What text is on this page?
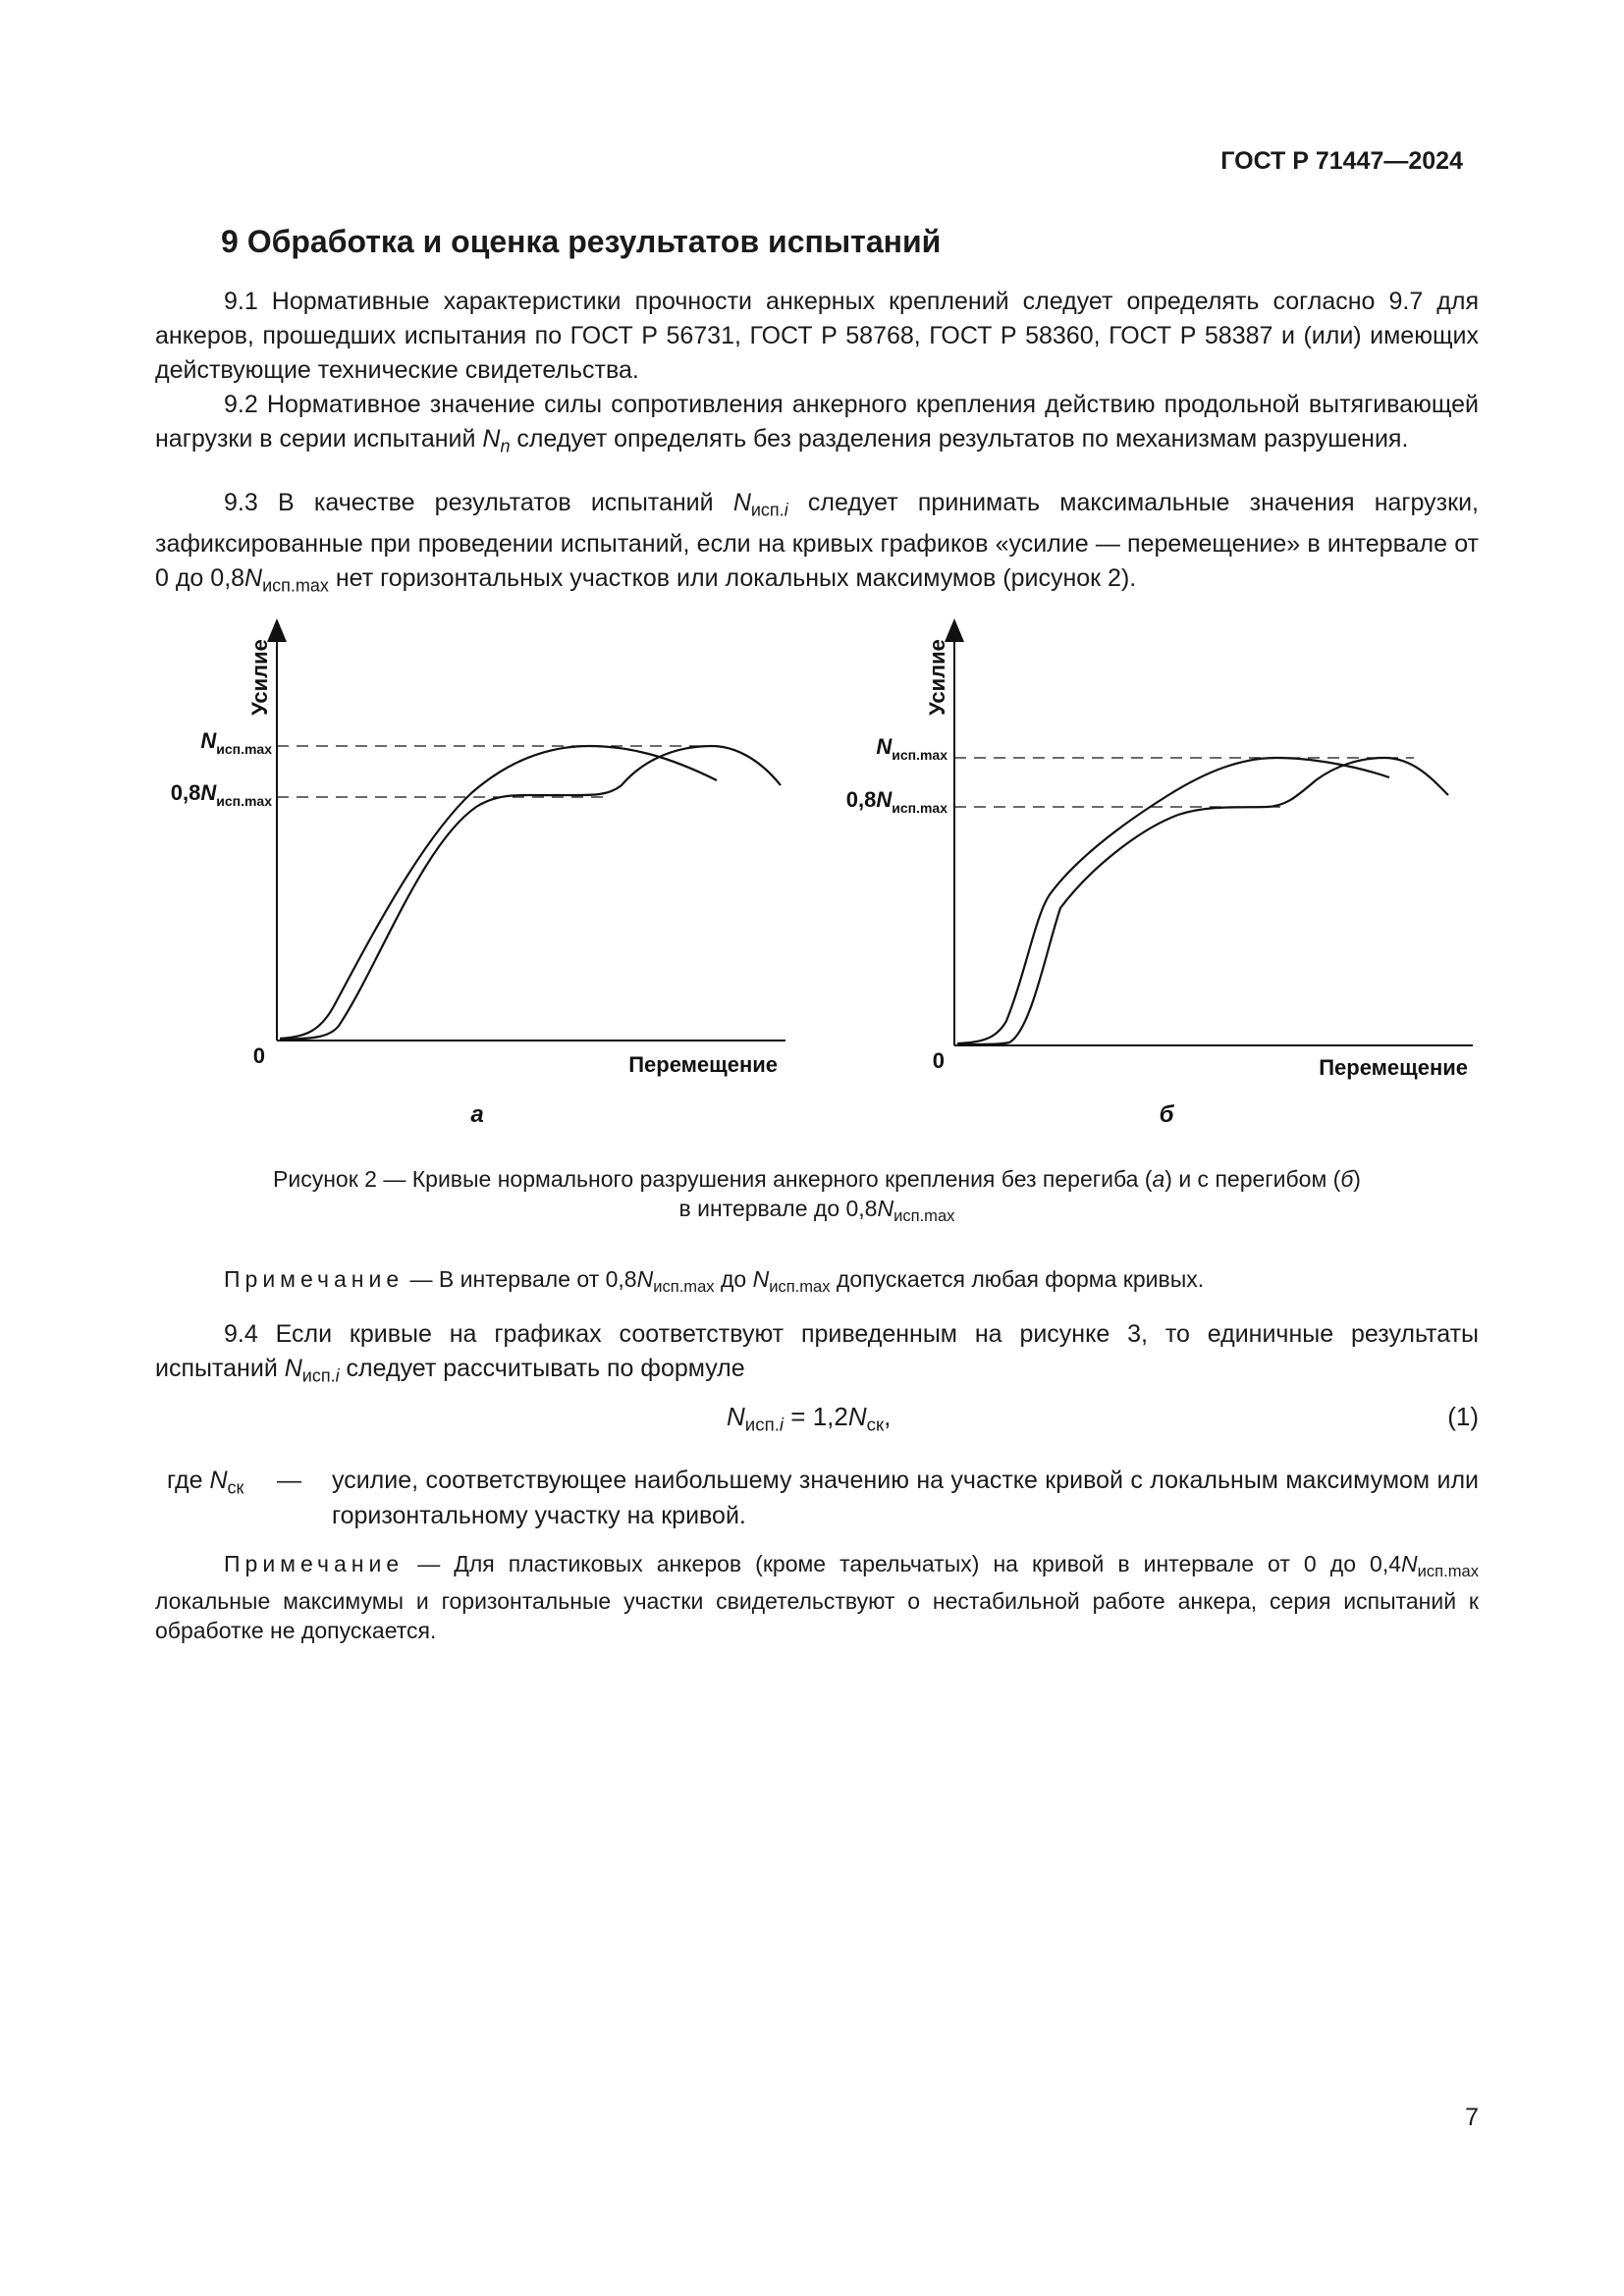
ГОСТ Р 71447—2024
9 Обработка и оценка результатов испытаний
9.1 Нормативные характеристики прочности анкерных креплений следует определять согласно 9.7 для анкеров, прошедших испытания по ГОСТ Р 56731, ГОСТ Р 58768, ГОСТ Р 58360, ГОСТ Р 58387 и (или) имеющих действующие технические свидетельства.
9.2 Нормативное значение силы сопротивления анкерного крепления действию продольной вытягивающей нагрузки в серии испытаний $N_n$ следует определять без разделения результатов по механизмам разрушения.
9.3 В качестве результатов испытаний $N_{исп.i}$ следует принимать максимальные значения нагрузки, зафиксированные при проведении испытаний, если на кривых графиков «усилие — перемещение» в интервале от 0 до $0,8N_{исп.max}$ нет горизонтальных участков или локальных максимумов (рисунок 2).
Усилие
0	Перемещение
Nисп.max
0,8Nисп.max
а
Усилие
0	Перемещение
Nисп.max
0,8Nисп.max
б
Рисунок 2 — Кривые нормального разрушения анкерного крепления без перегиба (а) и с перегибом (б)
в интервале до $0,8N_{исп.max}$
Примечание — В интервале от $0,8N_{исп.max}$ до $N_{исп.max}$ допускается любая форма кривых.
9.4 Если кривые на графиках соответствуют приведенным на рисунке 3, то единичные результаты испытаний $N_{исп.i}$ следует рассчитывать по формуле
$N_{исп.i} = 1,2N_{ск}$,	(1)
где $N_{ск}$ — усилие, соответствующее наибольшему значению на участке кривой с локальным максимумом или горизонтальному участку на кривой.
Примечание — Для пластиковых анкеров (кроме тарельчатых) на кривой в интервале от 0 до $0,4N_{исп.max}$ локальные максимумы и горизонтальные участки свидетельствуют о нестабильной работе анкера, серия испытаний к обработке не допускается.
7
